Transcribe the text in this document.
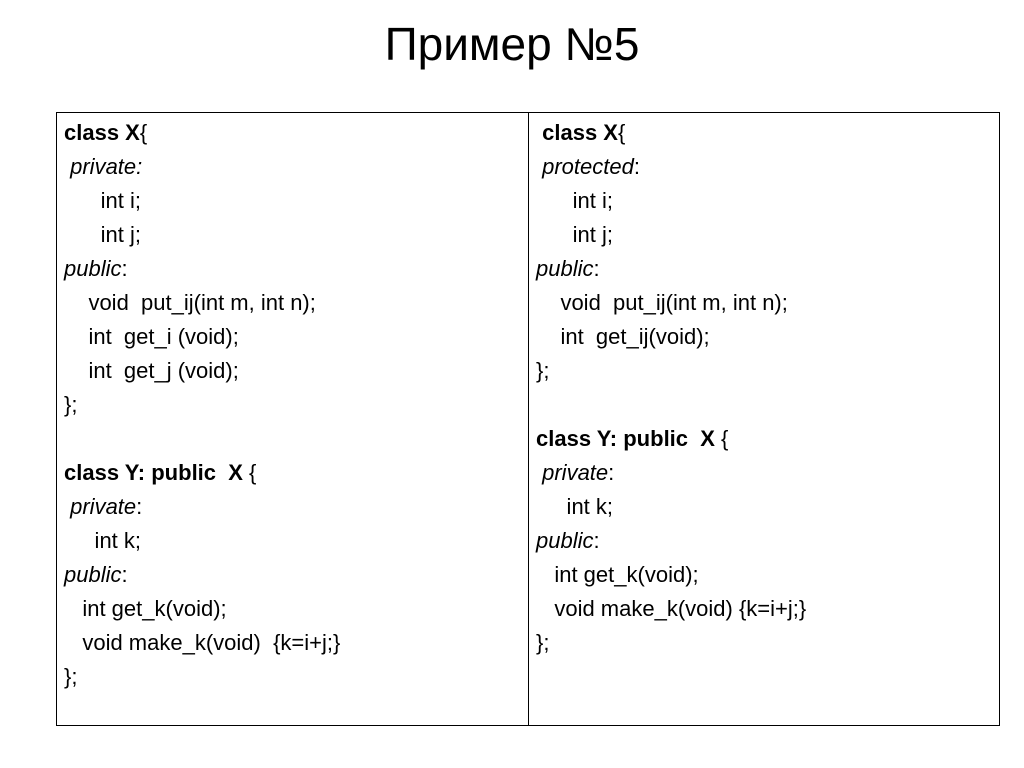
Пример №5
class X{
private:
int i;
int j;
public:
void  put_ij(int m, int n);
int  get_i (void);
int  get_j (void);
};
class Y: public  X {
private:
int k;
public:
int get_k(void);
void make_k(void)  {k=i+j;}
};
class X{
protected:
int i;
int j;
public:
void  put_ij(int m, int n);
int  get_ij(void);
};
class Y: public  X {
private:
int k;
public:
int get_k(void);
void make_k(void) {k=i+j;}
};
